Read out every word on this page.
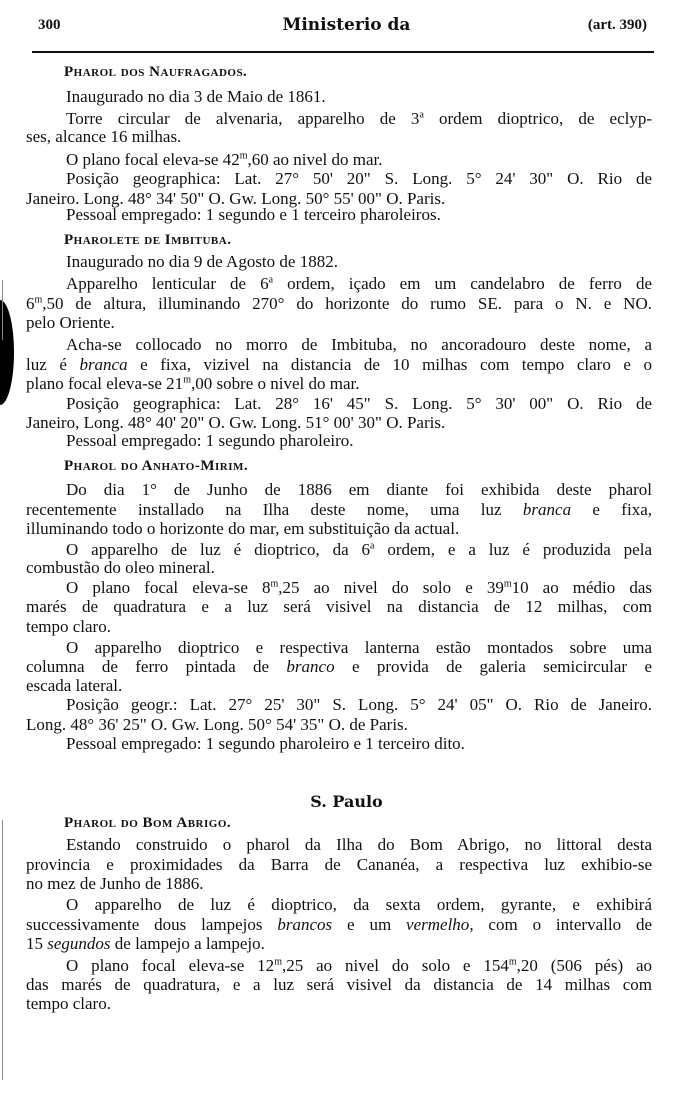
300	Ministerio da	(art. 390)
Pharol dos Naufragados.
Inaugurado no dia 3 de Maio de 1861.
Torre circular de alvenaria, apparelho de 3$^a$ ordem dioptrico, de eclyp-
ses, alcance 16 milhas.
O plano focal eleva-se 42$^m$,60 ao nivel do mar.
Posição geographica: Lat. 27° 50' 20" S. Long. 5° 24' 30" O. Rio de
Janeiro. Long. 48° 34' 50" O. Gw. Long. 50° 55' 00" O. Paris.
Pessoal empregado: 1 segundo e 1 terceiro pharoleiros.
Pharolete de Imbituba.
Inaugurado no dia 9 de Agosto de 1882.
Apparelho lenticular de 6$^a$ ordem, içado em um candelabro de ferro de
6$^m$,50 de altura, illuminando 270° do horizonte do rumo SE. para o N. e NO.
pelo Oriente.
Acha-se collocado no morro de Imbituba, no ancoradouro deste nome, a
luz é branca e fixa, vizivel na distancia de 10 milhas com tempo claro e o
plano focal eleva-se 21$^m$,00 sobre o nivel do mar.
Posição geographica: Lat. 28° 16' 45" S. Long. 5° 30' 00" O. Rio de
Janeiro, Long. 48° 40' 20" O. Gw. Long. 51° 00' 30" O. Paris.
Pessoal empregado: 1 segundo pharoleiro.
Pharol do Anhato-Mirim.
Do dia 1° de Junho de 1886 em diante foi exhibida deste pharol
recentemente installado na Ilha deste nome, uma luz branca e fixa,
illuminando todo o horizonte do mar, em substituição da actual.
O apparelho de luz é dioptrico, da 6$^a$ ordem, e a luz é produzida pela
combustão do oleo mineral.
O plano focal eleva-se 8$^m$,25 ao nivel do solo e 39$^m$10 ao médio das
marés de quadratura e a luz será visivel na distancia de 12 milhas, com
tempo claro.
O apparelho dioptrico e respectiva lanterna estão montados sobre uma
columna de ferro pintada de branco e provida de galeria semicircular e
escada lateral.
Posição geogr.: Lat. 27° 25' 30" S. Long. 5° 24' 05" O. Rio de Janeiro.
Long. 48° 36' 25" O. Gw. Long. 50° 54' 35" O. de Paris.
Pessoal empregado: 1 segundo pharoleiro e 1 terceiro dito.
S. Paulo
Pharol do Bom Abrigo.
Estando construido o pharol da Ilha do Bom Abrigo, no littoral desta
provincia e proximidades da Barra de Cananéa, a respectiva luz exhibio-se
no mez de Junho de 1886.
O apparelho de luz é dioptrico, da sexta ordem, gyrante, e exhibirá
successivamente dous lampejos brancos e um vermelho, com o intervallo de
15 segundos de lampejo a lampejo.
O plano focal eleva-se 12$^m$,25 ao nivel do solo e 154$^m$,20 (506 pés) ao
das marés de quadratura, e a luz será visivel da distancia de 14 milhas com
tempo claro.
